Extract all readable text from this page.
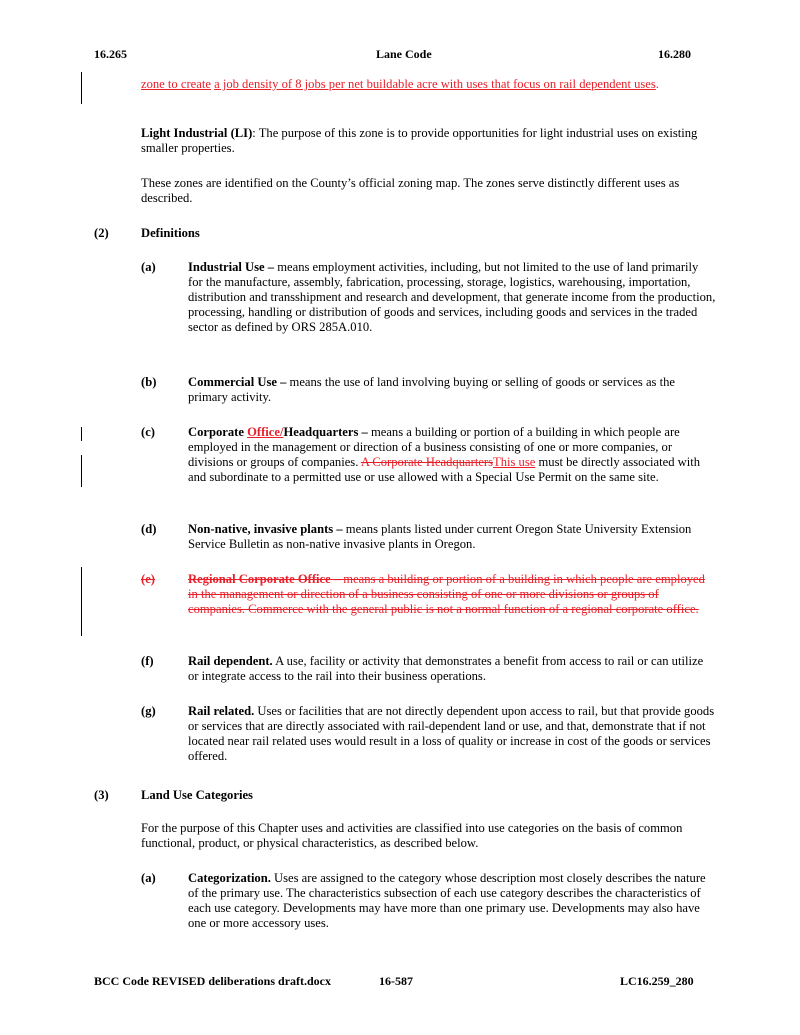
16.265	Lane Code	16.280
zone to create a job density of 8 jobs per net buildable acre with uses that focus on rail dependent uses.
Light Industrial (LI): The purpose of this zone is to provide opportunities for light industrial uses on existing smaller properties.
These zones are identified on the County’s official zoning map. The zones serve distinctly different uses as described.
(2)	Definitions
(a)	Industrial Use – means employment activities, including, but not limited to the use of land primarily for the manufacture, assembly, fabrication, processing, storage, logistics, warehousing, importation, distribution and transshipment and research and development, that generate income from the production, processing, handling or distribution of goods and services, including goods and services in the traded sector as defined by ORS 285A.010.
(b)	Commercial Use – means the use of land involving buying or selling of goods or services as the primary activity.
(c)	Corporate Office/Headquarters – means a building or portion of a building in which people are employed in the management or direction of a business consisting of one or more companies, or divisions or groups of companies. A Corporate HeadquartersThis use must be directly associated with and subordinate to a permitted use or use allowed with a Special Use Permit on the same site.
(d)	Non-native, invasive plants – means plants listed under current Oregon State University Extension Service Bulletin as non-native invasive plants in Oregon.
(e)	Regional Corporate Office – means a building or portion of a building in which people are employed in the management or direction of a business consisting of one or more divisions or groups of companies. Commerce with the general public is not a normal function of a regional corporate office.
(f)	Rail dependent. A use, facility or activity that demonstrates a benefit from access to rail or can utilize or integrate access to the rail into their business operations.
(g)	Rail related. Uses or facilities that are not directly dependent upon access to rail, but that provide goods or services that are directly associated with rail-dependent land or use, and that, demonstrate that if not located near rail related uses would result in a loss of quality or increase in cost of the goods or services offered.
(3)	Land Use Categories
For the purpose of this Chapter uses and activities are classified into use categories on the basis of common functional, product, or physical characteristics, as described below.
(a)	Categorization. Uses are assigned to the category whose description most closely describes the nature of the primary use. The characteristics subsection of each use category describes the characteristics of each use category. Developments may have more than one primary use. Developments may also have one or more accessory uses.
BCC Code REVISED deliberations draft.docx	16-587	LC16.259_280
